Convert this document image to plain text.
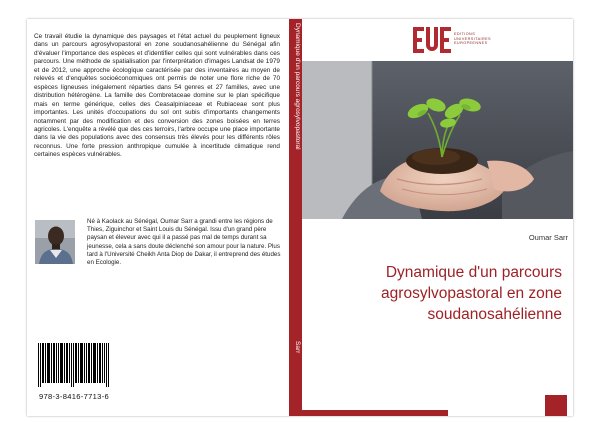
Ce travail étudie la dynamique des paysages et l'état actuel du peuplement ligneux dans un parcours agrosylvopastoral en zone soudanosahélienne du Sénégal afin d'évaluer l'importance des espèces et d'identifier celles qui sont vulnérables dans ces parcours. Une méthode de spatialisation par l'interprétation d'images Landsat de 1979 et de 2012, une approche écologique caractérisée par des inventaires au moyen de relevés et d'enquêtes socioéconomiques ont permis de noter une flore riche de 70 espèces ligneuses inégalement réparties dans 54 genres et 27 familles, avec une distribution hétérogène. La famille des Combretaceae domine sur le plan spécifique mais en terme générique, celles des Ceasalpiniaceae et Rubiaceae sont plus importantes. Les unités d'occupations du sol ont subis d'importants changements notamment par des modification et des conversion des zones boisées en terres agricoles. L'enquête a révélé que des ces terroirs, l'arbre occupe une place importante dans la vie des populations avec des consensus très élevés pour les différents rôles reconnus. Une forte pression anthropique cumulée à incertitude climatique rend certaines espèces vulnérables.

Né à Kaolack au Sénégal, Oumar Sarr a grandi entre les régions de Thies, Ziguinchor et Saint Louis du Sénégal. Issu d'un grand père paysan et éleveur avec qui il a passé pas mal de temps durant sa jeunesse, cela a sans doute déclenché son amour pour la nature. Plus tard à l'Université Cheikh Anta Diop de Dakar, il entreprend des études en Ecologie.

978-3-8416-7713-6
Dynamique d'un parcours agrosylvopastoral
Sarr
EDITIONS
UNIVERSITAIRES
EUROPEENNES

Oumar Sarr

Dynamique d'un parcours agrosylvopastoral en zone soudanosahélienne
